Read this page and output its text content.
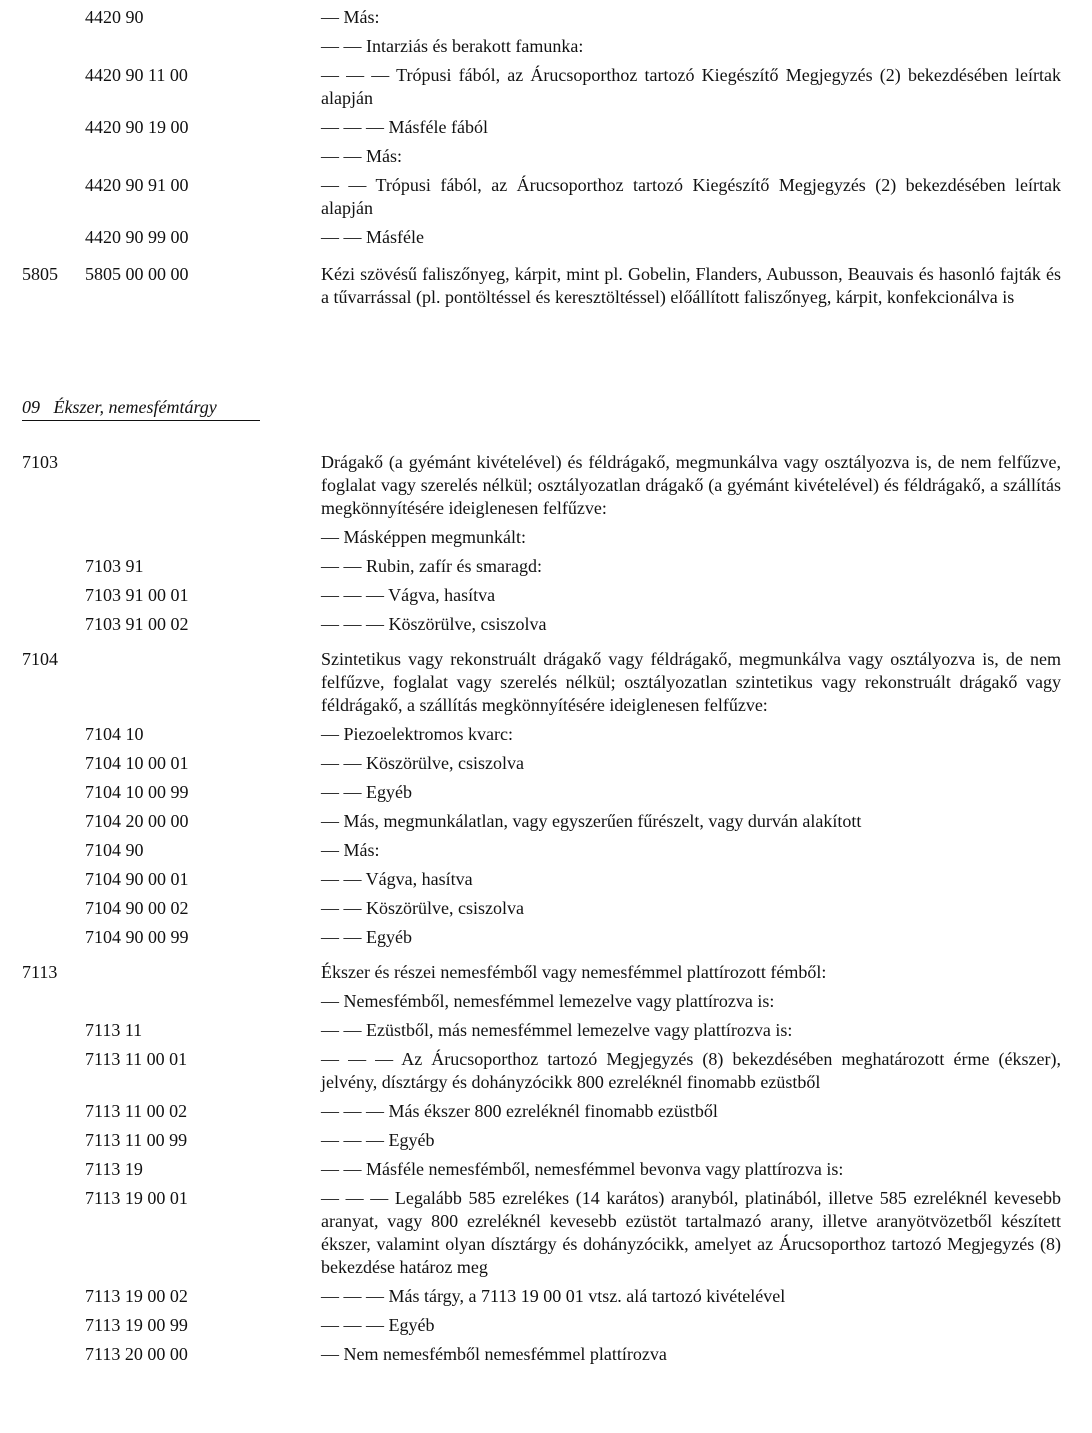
4420 90	— Más:
— — Intarziás és berakott famunka:
4420 90 11 00	— — — Trópusi fából, az Árucsoporthoz tartozó Kiegészítő Megjegyzés (2) bekezdésében leírtak alapján
4420 90 19 00	— — — Másféle fából
— — Más:
4420 90 91 00	— — Trópusi fából, az Árucsoporthoz tartozó Kiegészítő Megjegyzés (2) bekezdésében leírtak alapján
4420 90 99 00	— — Másféle
5805 5805 00 00 00	Kézi szövésű faliszőnyeg, kárpit, mint pl. Gobelin, Flanders, Aubusson, Beauvais és hasonló fajták és a tűvarrással (pl. pontöltéssel és keresztöltéssel) előállított faliszőnyeg, kárpit, konfekcionálva is
09 Ékszer, nemesfémtárgy
7103	Drágakő (a gyémánt kivételével) és féldrágakő, megmunkálva vagy osztályozva is, de nem felfűzve, foglalat vagy szerelés nélkül; osztályozatlan drágakő (a gyémánt kivételével) és féldrágakő, a szállítás megkönnyítésére ideiglenesen felfűzve:
— Másképpen megmunkált:
7103 91	— — Rubin, zafír és smaragd:
7103 91 00 01	— — — Vágva, hasítva
7103 91 00 02	— — — Köszörülve, csiszolva
7104	Szintetikus vagy rekonstruált drágakő vagy féldrágakő, megmunkálva vagy osztályozva is, de nem felfűzve, foglalat vagy szerelés nélkül; osztályozatlan szintetikus vagy rekonstruált drágakő vagy féldrágakő, a szállítás megkönnyítésére ideiglenesen felfűzve:
7104 10	— Piezoelektromos kvarc:
7104 10 00 01	— — Köszörülve, csiszolva
7104 10 00 99	— — Egyéb
7104 20 00 00	— Más, megmunkálatlan, vagy egyszerűen fűrészelt, vagy durván alakított
7104 90	— Más:
7104 90 00 01	— — Vágva, hasítva
7104 90 00 02	— — Köszörülve, csiszolva
7104 90 00 99	— — Egyéb
7113	Ékszer és részei nemesfémből vagy nemesfémmel plattírozott fémből:
— Nemesfémből, nemesfémmel lemezelve vagy plattírozva is:
7113 11	— — Ezüstből, más nemesfémmel lemezelve vagy plattírozva is:
7113 11 00 01	— — — Az Árucsoporthoz tartozó Megjegyzés (8) bekezdésében meghatározott érme (ékszer), jelvény, dísztárgy és dohányzócikk 800 ezreléknél finomabb ezüstből
7113 11 00 02	— — — Más ékszer 800 ezreléknél finomabb ezüstből
7113 11 00 99	— — — Egyéb
7113 19	— — Másféle nemesfémből, nemesfémmel bevonva vagy plattírozva is:
7113 19 00 01	— — — Legalább 585 ezrelékes (14 karátos) aranyból, platinából, illetve 585 ezreléknél kevesebb aranyat, vagy 800 ezreléknél kevesebb ezüstöt tartalmazó arany, illetve aranyötvözetből készített ékszer, valamint olyan dísztárgy és dohányzócikk, amelyet az Árucsoporthoz tartozó Megjegyzés (8) bekezdése határoz meg
7113 19 00 02	— — — Más tárgy, a 7113 19 00 01 vtsz. alá tartozó kivételével
7113 19 00 99	— — — Egyéb
7113 20 00 00	— Nem nemesfémből nemesfémmel plattírozva
